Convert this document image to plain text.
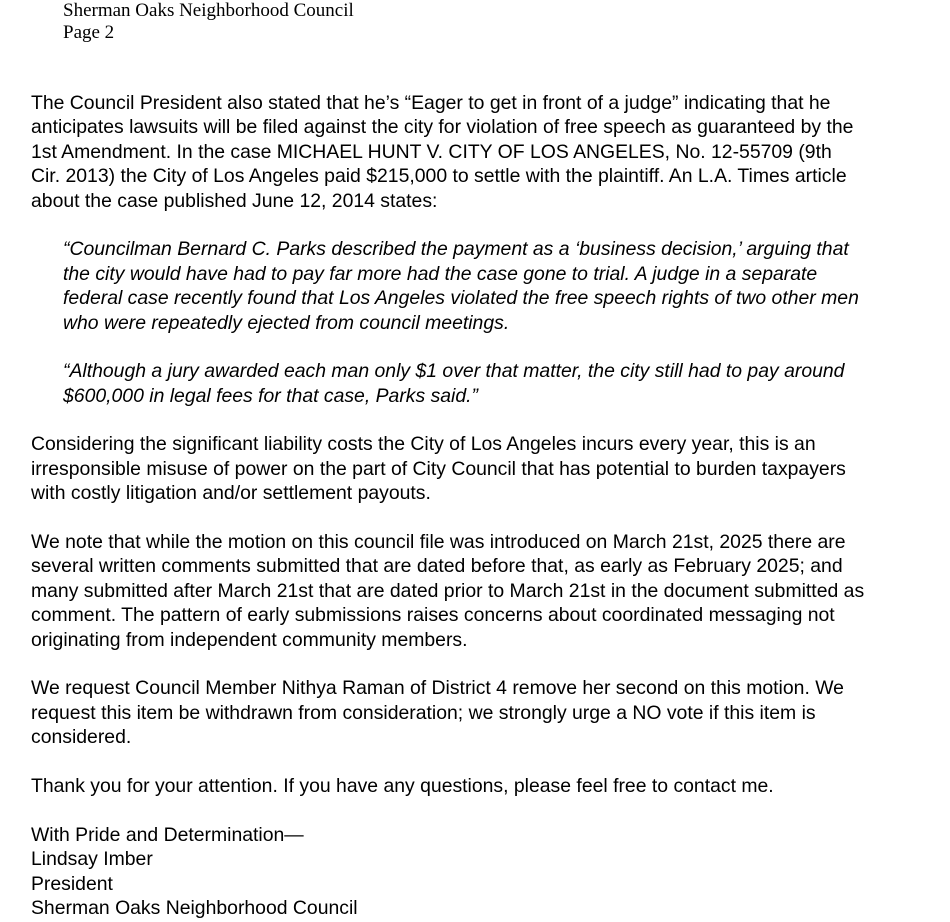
Sherman Oaks Neighborhood Council
Page 2
The Council President also stated that he’s “Eager to get in front of a judge” indicating that he
anticipates lawsuits will be filed against the city for violation of free speech as guaranteed by the
1st Amendment. In the case MICHAEL HUNT V. CITY OF LOS ANGELES, No. 12-55709 (9th
Cir. 2013) the City of Los Angeles paid $215,000 to settle with the plaintiff. An L.A. Times article
about the case published June 12, 2014 states:
“Councilman Bernard C. Parks described the payment as a ‘business decision,’ arguing that
the city would have had to pay far more had the case gone to trial. A judge in a separate
federal case recently found that Los Angeles violated the free speech rights of two other men
who were repeatedly ejected from council meetings.
“Although a jury awarded each man only $1 over that matter, the city still had to pay around
$600,000 in legal fees for that case, Parks said.”
Considering the significant liability costs the City of Los Angeles incurs every year, this is an
irresponsible misuse of power on the part of City Council that has potential to burden taxpayers
with costly litigation and/or settlement payouts.
We note that while the motion on this council file was introduced on March 21st, 2025 there are
several written comments submitted that are dated before that, as early as February 2025; and
many submitted after March 21st that are dated prior to March 21st in the document submitted as
comment. The pattern of early submissions raises concerns about coordinated messaging not
originating from independent community members.
We request Council Member Nithya Raman of District 4 remove her second on this motion. We
request this item be withdrawn from consideration; we strongly urge a NO vote if this item is
considered.
Thank you for your attention. If you have any questions, please feel free to contact me.
With Pride and Determination—
Lindsay Imber
President
Sherman Oaks Neighborhood Council
